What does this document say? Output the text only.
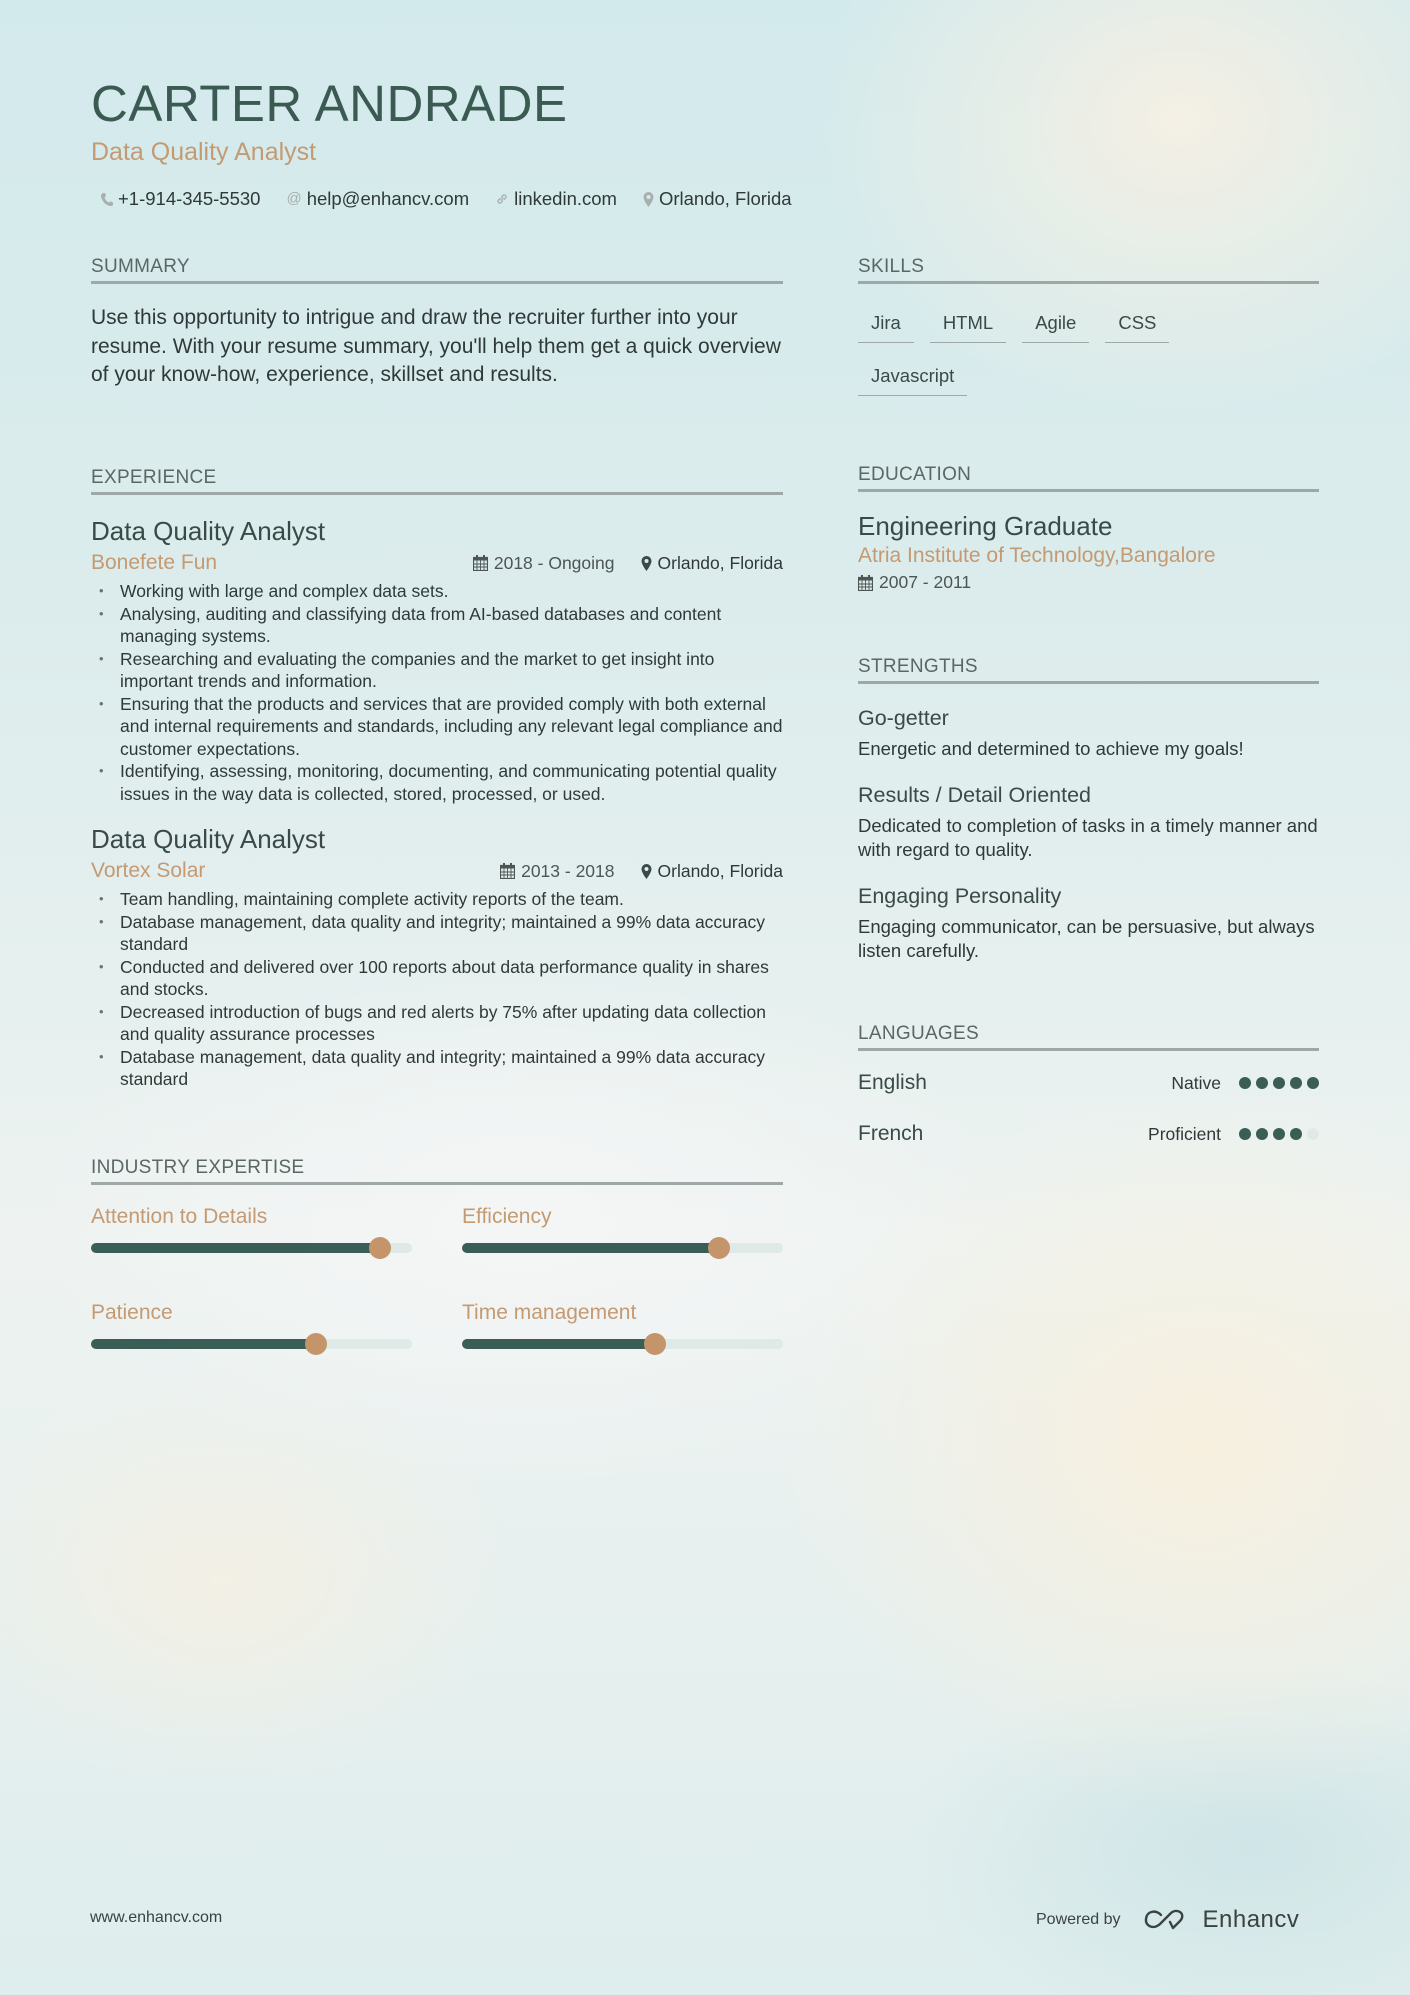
CARTER ANDRADE
Data Quality Analyst
+1-914-345-5530 @ help@enhancv.com linkedin.com Orlando, Florida
SUMMARY
Use this opportunity to intrigue and draw the recruiter further into your resume. With your resume summary, you'll help them get a quick overview of your know-how, experience, skillset and results.
EXPERIENCE
Data Quality Analyst
Bonefete Fun	2018 - Ongoing Orlando, Florida
• Working with large and complex data sets.
• Analysing, auditing and classifying data from AI-based databases and content managing systems.
• Researching and evaluating the companies and the market to get insight into important trends and information.
• Ensuring that the products and services that are provided comply with both external and internal requirements and standards, including any relevant legal compliance and customer expectations.
• Identifying, assessing, monitoring, documenting, and communicating potential quality issues in the way data is collected, stored, processed, or used.
Data Quality Analyst
Vortex Solar	2013 - 2018 Orlando, Florida
• Team handling, maintaining complete activity reports of the team.
• Database management, data quality and integrity; maintained a 99% data accuracy standard
• Conducted and delivered over 100 reports about data performance quality in shares and stocks.
• Decreased introduction of bugs and red alerts by 75% after updating data collection and quality assurance processes
• Database management, data quality and integrity; maintained a 99% data accuracy standard
INDUSTRY EXPERTISE
Attention to Details	Efficiency
Patience	Time management
SKILLS
Jira	HTML	Agile	CSS
Javascript
EDUCATION
Engineering Graduate
Atria Institute of Technology,Bangalore
2007 - 2011
STRENGTHS
Go-getter
Energetic and determined to achieve my goals!
Results / Detail Oriented
Dedicated to completion of tasks in a timely manner and with regard to quality.
Engaging Personality
Engaging communicator, can be persuasive, but always listen carefully.
LANGUAGES
English	Native
French	Proficient
www.enhancv.com	Powered by	Enhancv
